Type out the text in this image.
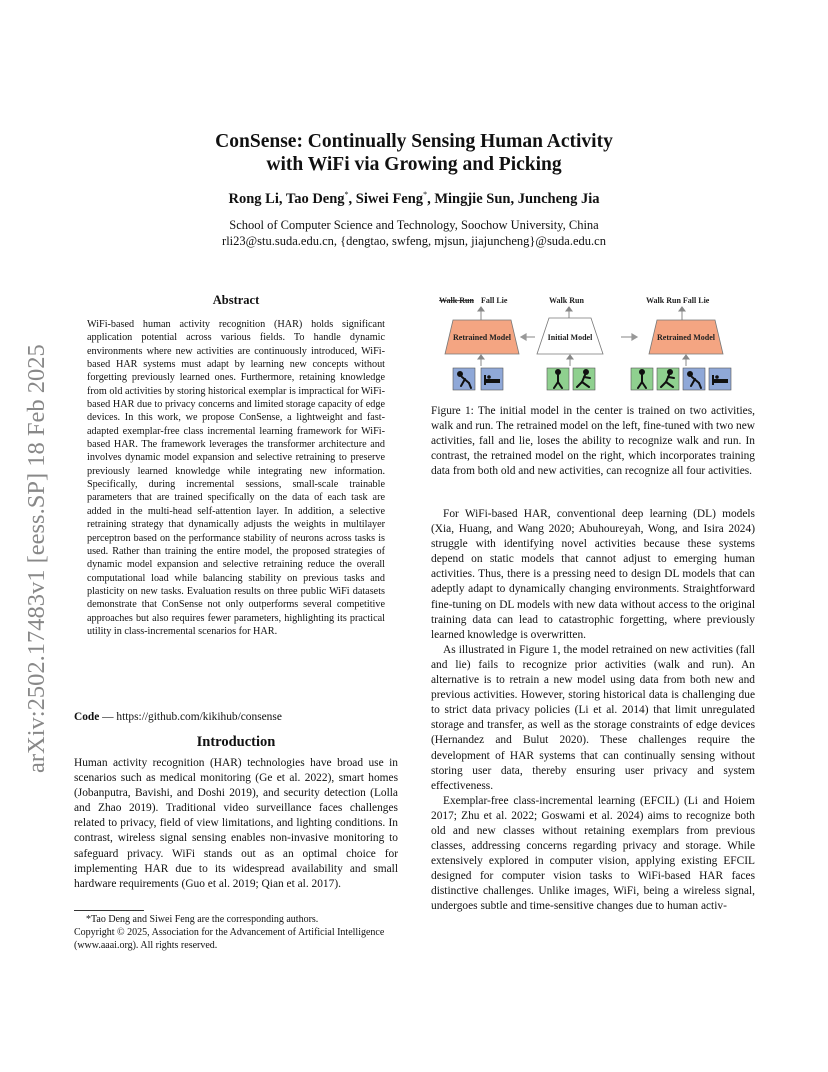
arXiv:2502.17483v1 [eess.SP] 18 Feb 2025
ConSense: Continually Sensing Human Activity
with WiFi via Growing and Picking
Rong Li, Tao Deng*, Siwei Feng*, Mingjie Sun, Juncheng Jia
School of Computer Science and Technology, Soochow University, China
rli23@stu.suda.edu.cn, {dengtao, swfeng, mjsun, jiajuncheng}@suda.edu.cn
Abstract
WiFi-based human activity recognition (HAR) holds significant application potential across various fields. To handle dynamic environments where new activities are continuously introduced, WiFi-based HAR systems must adapt by learning new concepts without forgetting previously learned ones. Furthermore, retaining knowledge from old activities by storing historical exemplar is impractical for WiFi-based HAR due to privacy concerns and limited storage capacity of edge devices. In this work, we propose ConSense, a lightweight and fast-adapted exemplar-free class incremental learning framework for WiFi-based HAR. The framework leverages the transformer architecture and involves dynamic model expansion and selective retraining to preserve previously learned knowledge while integrating new information. Specifically, during incremental sessions, small-scale trainable parameters that are trained specifically on the data of each task are added in the multi-head self-attention layer. In addition, a selective retraining strategy that dynamically adjusts the weights in multilayer perceptron based on the performance stability of neurons across tasks is used. Rather than training the entire model, the proposed strategies of dynamic model expansion and selective retraining reduce the overall computational load while balancing stability on previous tasks and plasticity on new tasks. Evaluation results on three public WiFi datasets demonstrate that ConSense not only outperforms several competitive approaches but also requires fewer parameters, highlighting its practical utility in class-incremental scenarios for HAR.
Code — https://github.com/kikihub/consense
Introduction
Human activity recognition (HAR) technologies have broad use in scenarios such as medical monitoring (Ge et al. 2022), smart homes (Jobanputra, Bavishi, and Doshi 2019), and security detection (Lolla and Zhao 2019). Traditional video surveillance faces challenges related to privacy, field of view limitations, and lighting conditions. In contrast, wireless signal sensing enables non-invasive monitoring to safeguard privacy. WiFi stands out as an optimal choice for implementing HAR due to its widespread availability and small hardware requirements (Guo et al. 2019; Qian et al. 2017).

*Tao Deng and Siwei Feng are the corresponding authors.

Copyright © 2025, Association for the Advancement of Artificial Intelligence (www.aaai.org). All rights reserved.

Walk Run Fall Lie	Walk Run	Walk Run Fall Lie
Retrained Model	Initial Model	Retrained Model
Figure 1: The initial model in the center is trained on two activities, walk and run. The retrained model on the left, fine-tuned with two new activities, fall and lie, loses the ability to recognize walk and run. In contrast, the retrained model on the right, which incorporates training data from both old and new activities, can recognize all four activities.

For WiFi-based HAR, conventional deep learning (DL) models (Xia, Huang, and Wang 2020; Abuhoureyah, Wong, and Isira 2024) struggle with identifying novel activities because these systems depend on static models that cannot adjust to emerging human activities. Thus, there is a pressing need to design DL models that can adeptly adapt to dynamically changing environments. Straightforward fine-tuning on DL models with new data without access to the original training data can lead to catastrophic forgetting, where previously learned knowledge is overwritten.

As illustrated in Figure 1, the model retrained on new activities (fall and lie) fails to recognize prior activities (walk and run). An alternative is to retrain a new model using data from both new and previous activities. However, storing historical data is challenging due to strict data privacy policies (Li et al. 2014) that limit unregulated storage and transfer, as well as the storage constraints of edge devices (Hernandez and Bulut 2020). These challenges require the development of HAR systems that can continually sensing without storing user data, thereby ensuring user privacy and system effectiveness.

Exemplar-free class-incremental learning (EFCIL) (Li and Hoiem 2017; Zhu et al. 2022; Goswami et al. 2024) aims to recognize both old and new classes without retaining exemplars from previous classes, addressing concerns regarding privacy and storage. While extensively explored in computer vision, applying existing EFCIL designed for computer vision tasks to WiFi-based HAR faces distinctive challenges. Unlike images, WiFi, being a wireless signal, undergoes subtle and time-sensitive changes due to human activ-
